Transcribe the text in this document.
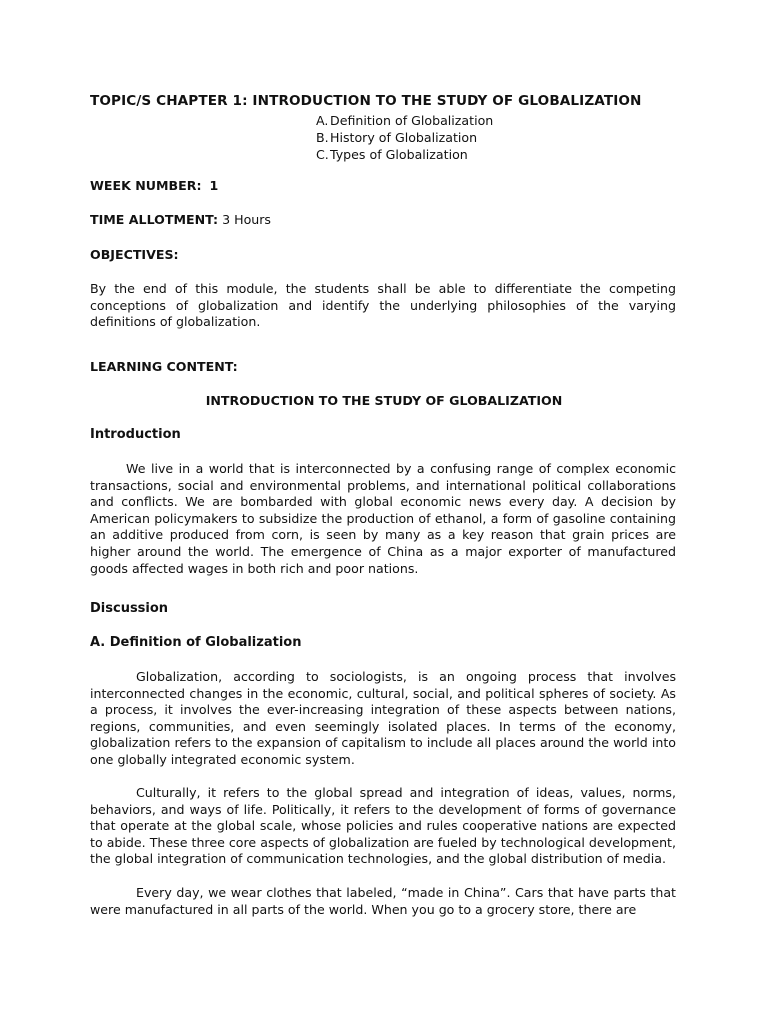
TOPIC/S CHAPTER 1: INTRODUCTION TO THE STUDY OF GLOBALIZATION
A. Definition of Globalization
B.History of Globalization
C.Types of Globalization
WEEK NUMBER: 1
TIME ALLOTMENT: 3 Hours
OBJECTIVES:

By the end of this module, the students shall be able to differentiate the competing conceptions of globalization and identify the underlying philosophies of the varying definitions of globalization.

LEARNING CONTENT:
INTRODUCTION TO THE STUDY OF GLOBALIZATION
Introduction

We live in a world that is interconnected by a confusing range of complex economic transactions, social and environmental problems, and international political collaborations and conflicts. We are bombarded with global economic news every day. A decision by American policymakers to subsidize the production of ethanol, a form of gasoline containing an additive produced from corn, is seen by many as a key reason that grain prices are higher around the world. The emergence of China as a major exporter of manufactured goods affected wages in both rich and poor nations.

Discussion
A. Definition of Globalization

Globalization, according to sociologists, is an ongoing process that involves interconnected changes in the economic, cultural, social, and political spheres of society. As a process, it involves the ever-increasing integration of these aspects between nations, regions, communities, and even seemingly isolated places. In terms of the economy, globalization refers to the expansion of capitalism to include all places around the world into one globally integrated economic system.

Culturally, it refers to the global spread and integration of ideas, values, norms, behaviors, and ways of life. Politically, it refers to the development of forms of governance that operate at the global scale, whose policies and rules cooperative nations are expected to abide. These three core aspects of globalization are fueled by technological development, the global integration of communication technologies, and the global distribution of media.

Every day, we wear clothes that labeled, “made in China”. Cars that have parts that were manufactured in all parts of the world. When you go to a grocery store, there are
